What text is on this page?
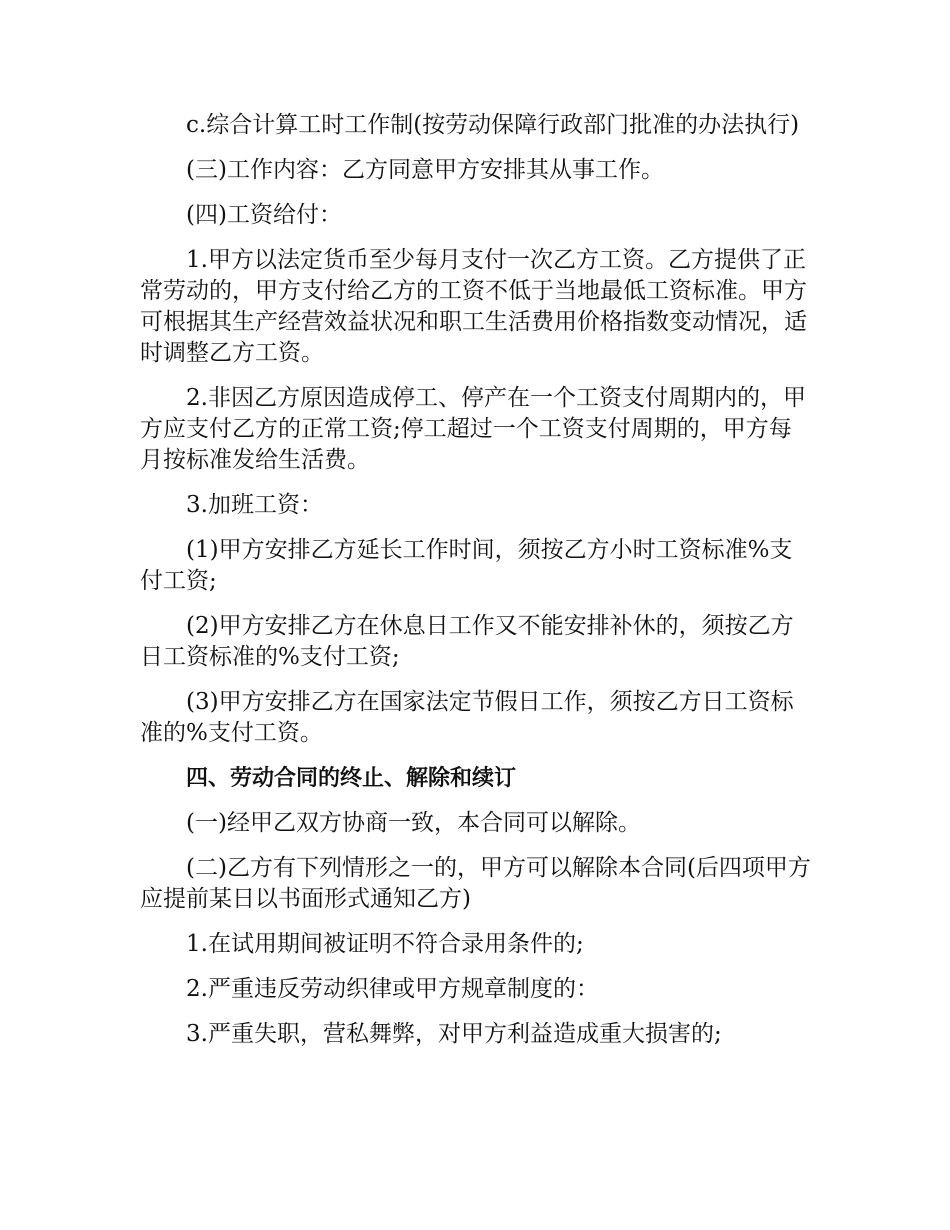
c.综合计算工时工作制(按劳动保障行政部门批准的办法执行)

(三)工作内容：乙方同意甲方安排其从事工作。

(四)工资给付：

1.甲方以法定货币至少每月支付一次乙方工资。乙方提供了正常劳动的，甲方支付给乙方的工资不低于当地最低工资标准。甲方可根据其生产经营效益状况和职工生活费用价格指数变动情况，适时调整乙方工资。

2.非因乙方原因造成停工、停产在一个工资支付周期内的，甲方应支付乙方的正常工资;停工超过一个工资支付周期的，甲方每月按标准发给生活费。

3.加班工资：

(1)甲方安排乙方延长工作时间，须按乙方小时工资标准%支付工资;

(2)甲方安排乙方在休息日工作又不能安排补休的，须按乙方日工资标准的%支付工资;

(3)甲方安排乙方在国家法定节假日工作，须按乙方日工资标准的%支付工资。

四、劳动合同的终止、解除和续订

(一)经甲乙双方协商一致，本合同可以解除。

(二)乙方有下列情形之一的，甲方可以解除本合同(后四项甲方应提前某日以书面形式通知乙方)

1.在试用期间被证明不符合录用条件的;

2.严重违反劳动织律或甲方规章制度的：

3.严重失职，营私舞弊，对甲方利益造成重大损害的;
